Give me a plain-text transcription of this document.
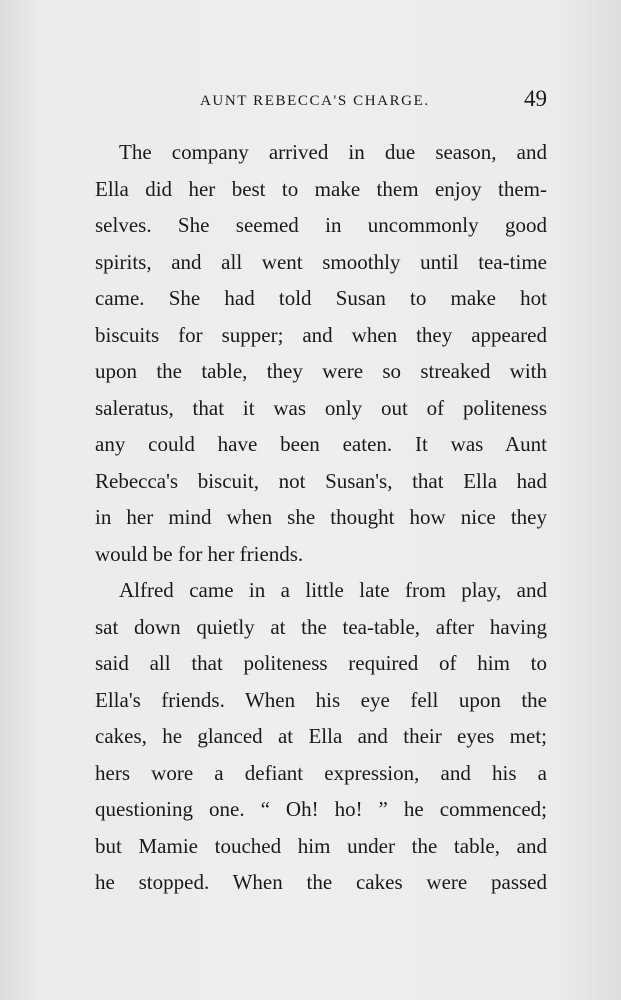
AUNT REBECCA'S CHARGE.	49
The company arrived in due season, and
Ella did her best to make them enjoy them-
selves. She seemed in uncommonly good
spirits, and all went smoothly until tea-time
came. She had told Susan to make hot
biscuits for supper; and when they appeared
upon the table, they were so streaked with
saleratus, that it was only out of politeness
any could have been eaten. It was Aunt
Rebecca's biscuit, not Susan's, that Ella had
in her mind when she thought how nice they
would be for her friends.
Alfred came in a little late from play, and
sat down quietly at the tea-table, after having
said all that politeness required of him to
Ella's friends. When his eye fell upon the
cakes, he glanced at Ella and their eyes met;
hers wore a defiant expression, and his a
questioning one. “ Oh! ho! ” he commenced;
but Mamie touched him under the table, and
he stopped. When the cakes were passed
